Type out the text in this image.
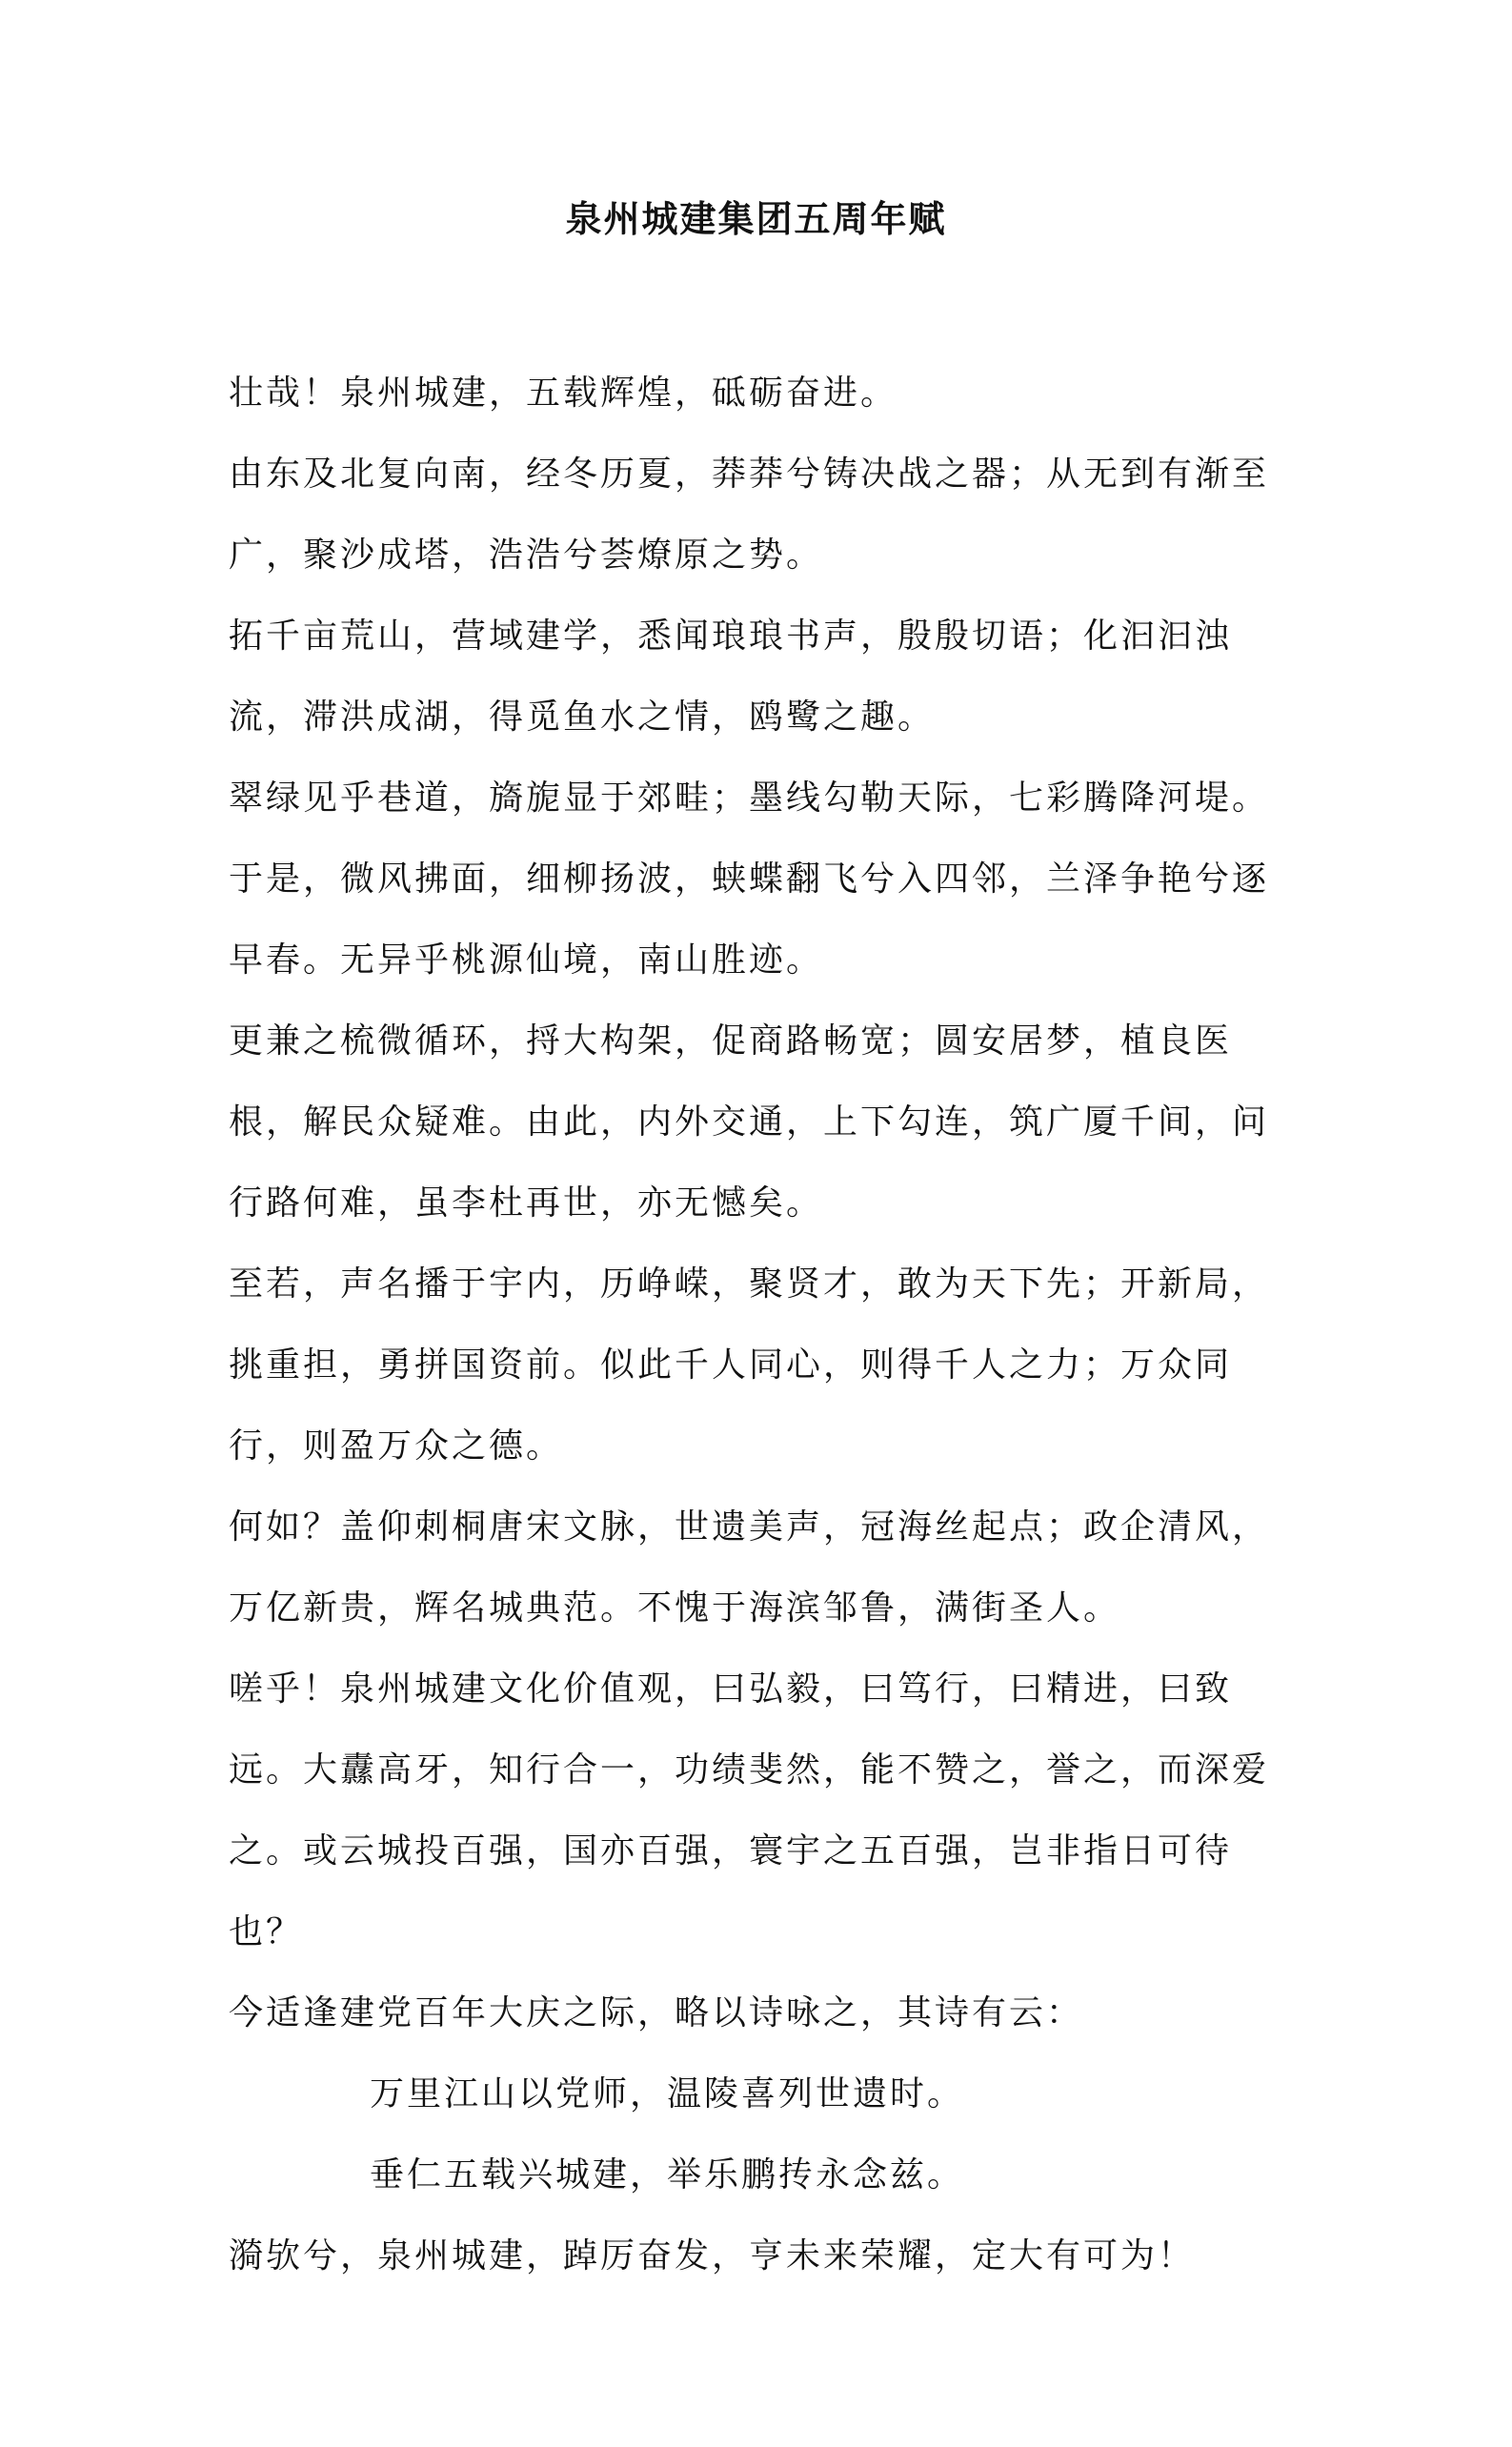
泉州城建集团五周年赋

壮哉！泉州城建，五载辉煌，砥砺奋进。

由东及北复向南，经冬历夏，莽莽兮铸决战之器；从无到有渐至广，聚沙成塔，浩浩兮荟燎原之势。

拓千亩荒山，营域建学，悉闻琅琅书声，殷殷切语；化汩汩浊流，滞洪成湖，得觅鱼水之情，鸥鹭之趣。

翠绿见乎巷道，旖旎显于郊畦；墨线勾勒天际，七彩腾降河堤。于是，微风拂面，细柳扬波，蛱蝶翻飞兮入四邻，兰泽争艳兮逐早春。无异乎桃源仙境，南山胜迹。

更兼之梳微循环，捋大构架，促商路畅宽；圆安居梦，植良医根，解民众疑难。由此，内外交通，上下勾连，筑广厦千间，问行路何难，虽李杜再世，亦无憾矣。

至若，声名播于宇内，历峥嵘，聚贤才，敢为天下先；开新局，挑重担，勇拼国资前。似此千人同心，则得千人之力；万众同行，则盈万众之德。

何如？盖仰刺桐唐宋文脉，世遗美声，冠海丝起点；政企清风，万亿新贵，辉名城典范。不愧于海滨邹鲁，满街圣人。

嗟乎！泉州城建文化价值观，曰弘毅，曰笃行，曰精进，曰致远。大纛高牙，知行合一，功绩斐然，能不赞之，誉之，而深爱之。或云城投百强，国亦百强，寰宇之五百强，岂非指日可待也？

今适逢建党百年大庆之际，略以诗咏之，其诗有云：

万里江山以党师，温陵喜列世遗时。

垂仁五载兴城建，举乐鹏抟永念兹。

漪欤兮，泉州城建，踔厉奋发，亨未来荣耀，定大有可为！
